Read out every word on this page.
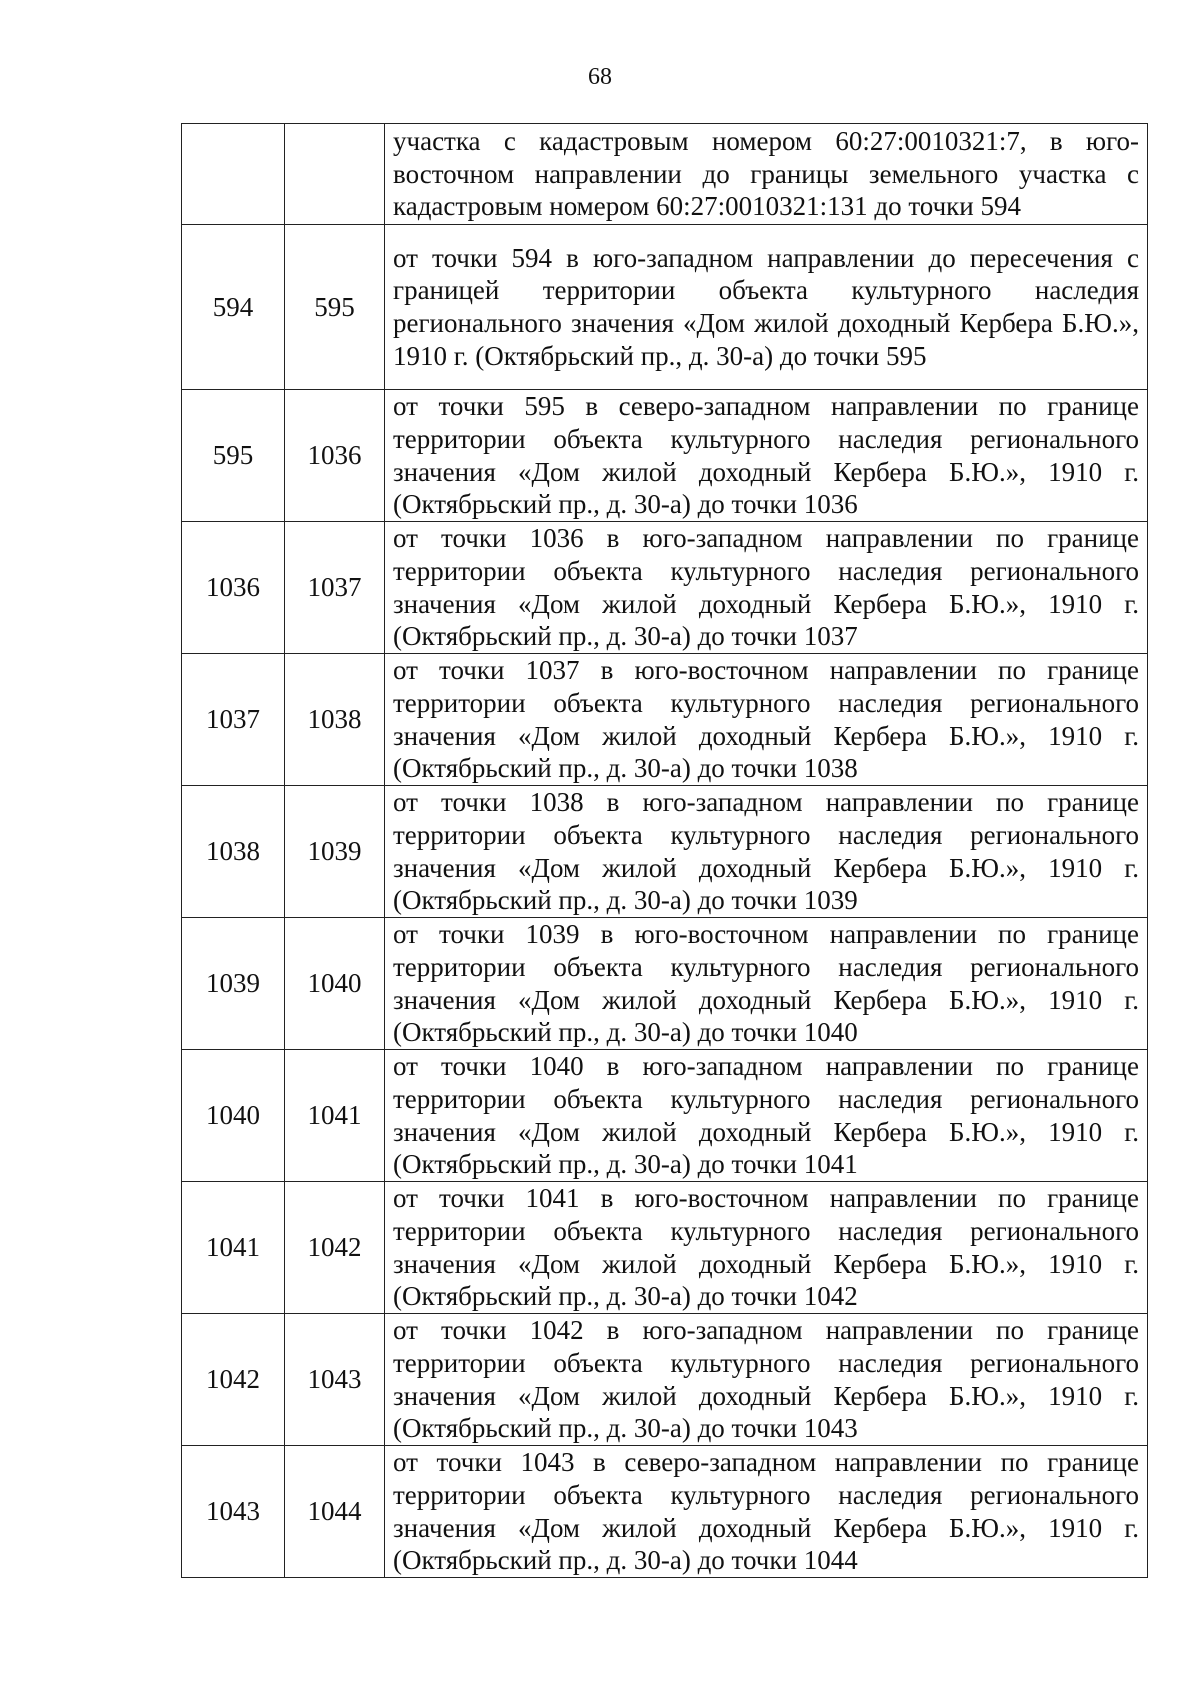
68
		участка с кадастровым номером 60:27:0010321:7, в юго-восточном направлении до границы земельного участка с кадастровым номером 60:27:0010321:131 до точки 594
594	595	от точки 594 в юго-западном направлении до пересечения с границей территории объекта культурного наследия регионального значения «Дом жилой доходный Кербера Б.Ю.», 1910 г. (Октябрьский пр., д. 30-а) до точки 595
595	1036	от точки 595 в северо-западном направлении по границе территории объекта культурного наследия регионального значения «Дом жилой доходный Кербера Б.Ю.», 1910 г. (Октябрьский пр., д. 30-а) до точки 1036
1036	1037	от точки 1036 в юго-западном направлении по границе территории объекта культурного наследия регионального значения «Дом жилой доходный Кербера Б.Ю.», 1910 г. (Октябрьский пр., д. 30-а) до точки 1037
1037	1038	от точки 1037 в юго-восточном направлении по границе территории объекта культурного наследия регионального значения «Дом жилой доходный Кербера Б.Ю.», 1910 г. (Октябрьский пр., д. 30-а) до точки 1038
1038	1039	от точки 1038 в юго-западном направлении по границе территории объекта культурного наследия регионального значения «Дом жилой доходный Кербера Б.Ю.», 1910 г. (Октябрьский пр., д. 30-а) до точки 1039
1039	1040	от точки 1039 в юго-восточном направлении по границе территории объекта культурного наследия регионального значения «Дом жилой доходный Кербера Б.Ю.», 1910 г. (Октябрьский пр., д. 30-а) до точки 1040
1040	1041	от точки 1040 в юго-западном направлении по границе территории объекта культурного наследия регионального значения «Дом жилой доходный Кербера Б.Ю.», 1910 г. (Октябрьский пр., д. 30-а) до точки 1041
1041	1042	от точки 1041 в юго-восточном направлении по границе территории объекта культурного наследия регионального значения «Дом жилой доходный Кербера Б.Ю.», 1910 г. (Октябрьский пр., д. 30-а) до точки 1042
1042	1043	от точки 1042 в юго-западном направлении по границе территории объекта культурного наследия регионального значения «Дом жилой доходный Кербера Б.Ю.», 1910 г. (Октябрьский пр., д. 30-а) до точки 1043
1043	1044	от точки 1043 в северо-западном направлении по границе территории объекта культурного наследия регионального значения «Дом жилой доходный Кербера Б.Ю.», 1910 г. (Октябрьский пр., д. 30-а) до точки 1044
